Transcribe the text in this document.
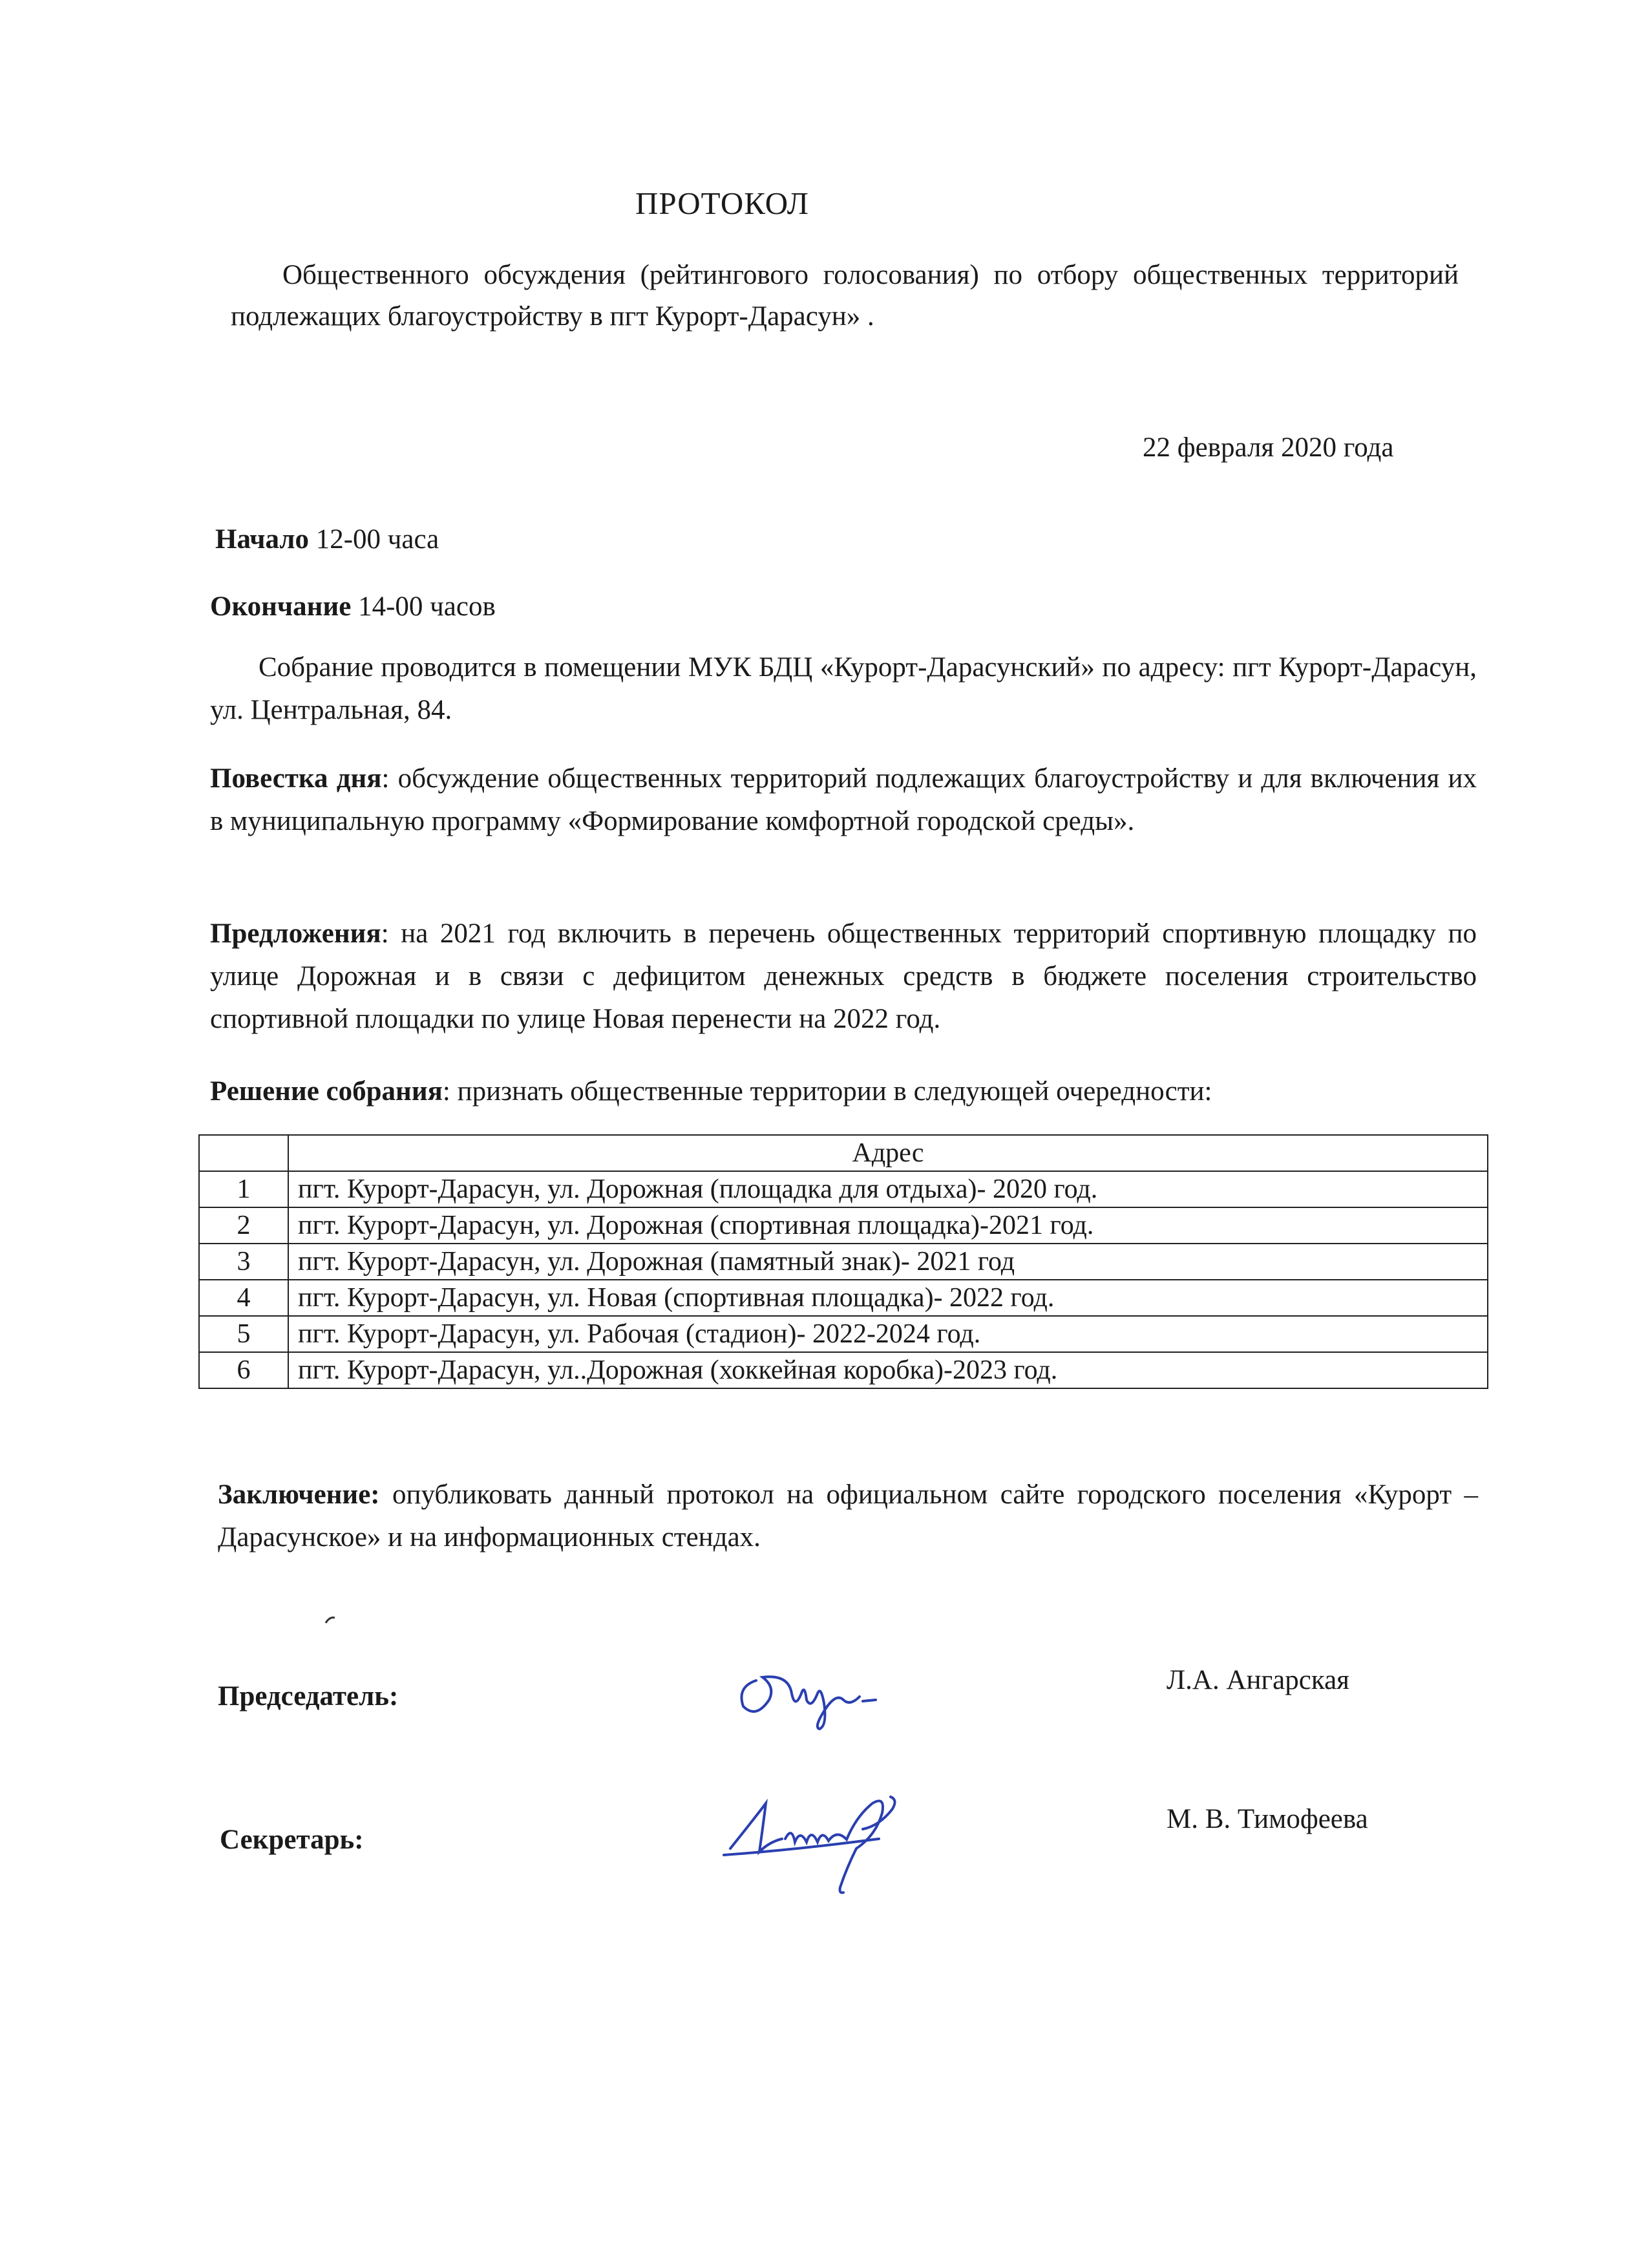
ПРОТОКОЛ
Общественного обсуждения (рейтингового голосования) по отбору общественных территорий подлежащих благоустройству в пгт Курорт-Дарасун» .
22 февраля 2020 года
Начало 12-00 часа
Окончание 14-00 часов
Собрание проводится в помещении МУК БДЦ «Курорт-Дарасунский» по адресу: пгт Курорт-Дарасун, ул. Центральная, 84.
Повестка дня: обсуждение общественных территорий подлежащих благоустройству и для включения их в муниципальную программу «Формирование комфортной городской среды».
Предложения: на 2021 год включить в перечень общественных территорий спортивную площадку по улице Дорожная и в связи с дефицитом денежных средств в бюджете поселения строительство спортивной площадки по улице Новая перенести на 2022 год.
Решение собрания: признать общественные территории в следующей очередности:
	Адрес
1	пгт. Курорт-Дарасун, ул. Дорожная (площадка для отдыха)- 2020 год.
2	пгт. Курорт-Дарасун, ул. Дорожная (спортивная площадка)-2021 год.
3	пгт. Курорт-Дарасун, ул. Дорожная (памятный знак)- 2021 год
4	пгт. Курорт-Дарасун, ул. Новая (спортивная площадка)- 2022 год.
5	пгт. Курорт-Дарасун, ул. Рабочая (стадион)- 2022-2024 год.
6	пгт. Курорт-Дарасун, ул..Дорожная (хоккейная коробка)-2023 год.
Заключение: опубликовать данный протокол на официальном сайте городского поселения «Курорт – Дарасунское» и на информационных стендах.
Председатель:
Л.А. Ангарская
Секретарь:
М. В. Тимофеева
